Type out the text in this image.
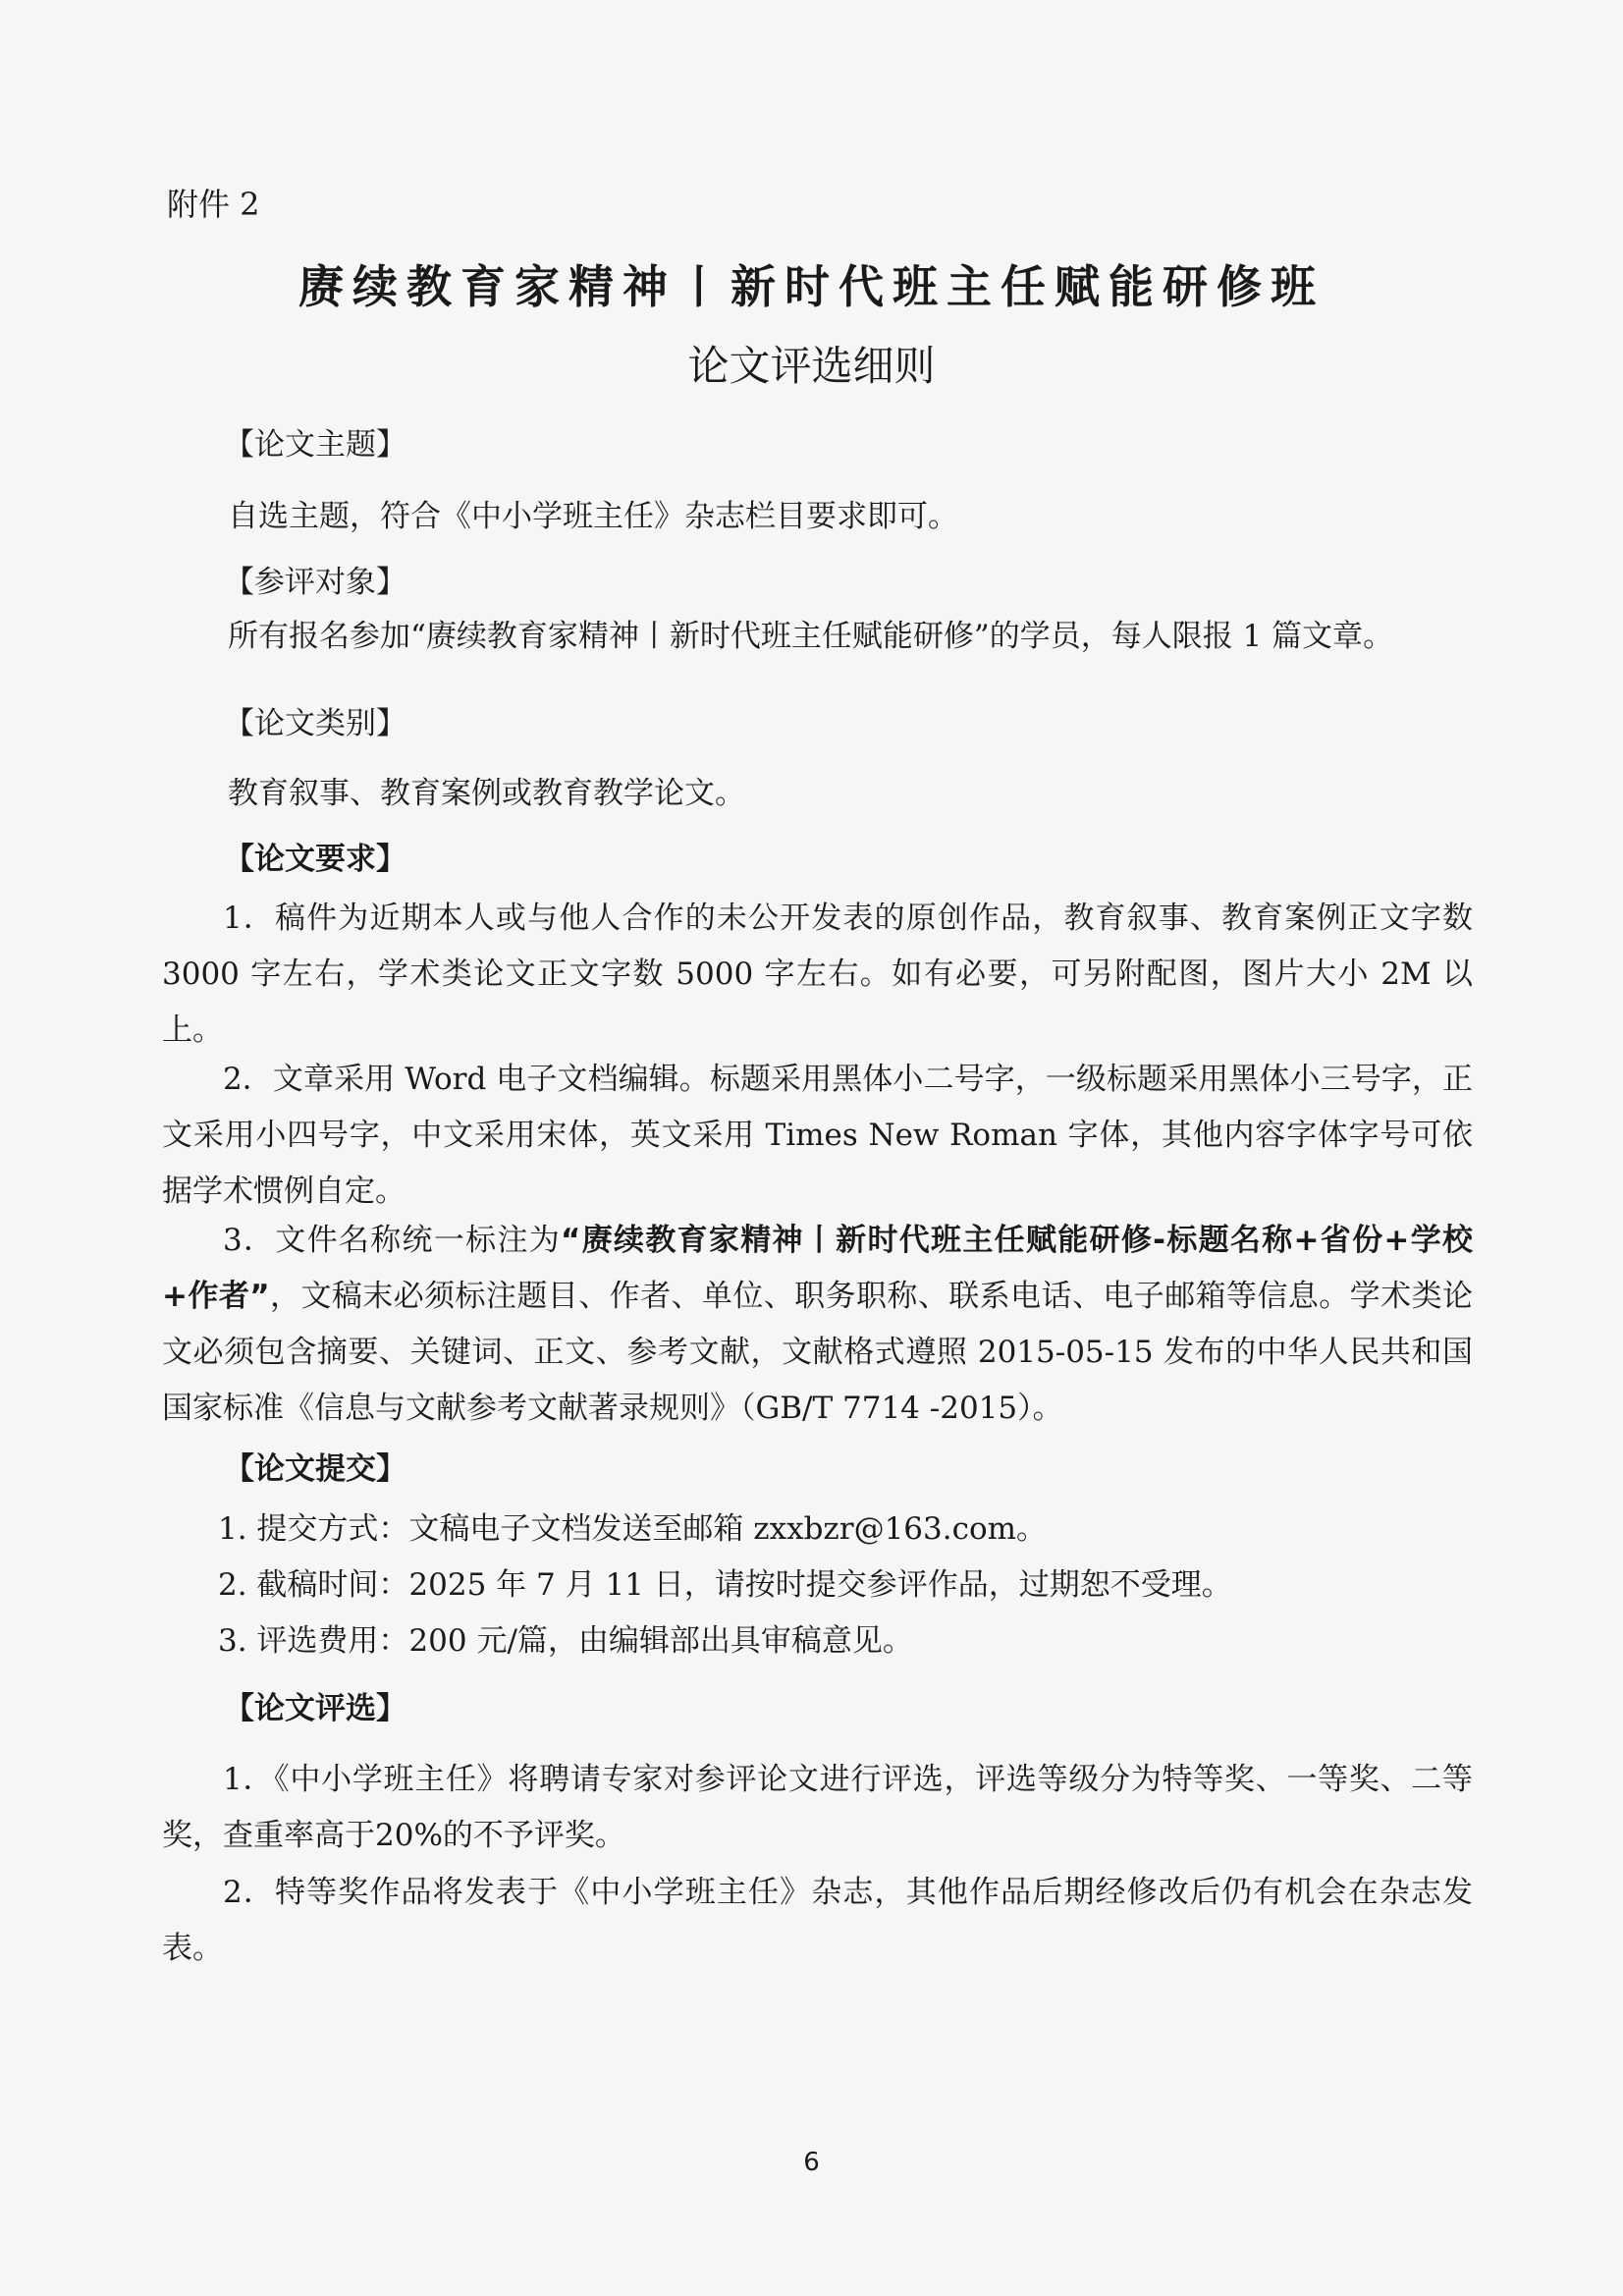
附件 2
赓续教育家精神丨新时代班主任赋能研修班
论文评选细则
【论文主题】
自选主题，符合《中小学班主任》杂志栏目要求即可。
【参评对象】
所有报名参加“赓续教育家精神丨新时代班主任赋能研修”的学员，每人限报 1 篇文章。
【论文类别】
教育叙事、教育案例或教育教学论文。
【论文要求】
1．稿件为近期本人或与他人合作的未公开发表的原创作品，教育叙事、教育案例正文字数 3000 字左右，学术类论文正文字数 5000 字左右。如有必要，可另附配图，图片大小 2M 以上。
2．文章采用 Word 电子文档编辑。标题采用黑体小二号字，一级标题采用黑体小三号字，正文采用小四号字，中文采用宋体，英文采用 Times New Roman 字体，其他内容字体字号可依据学术惯例自定。
3．文件名称统一标注为“赓续教育家精神丨新时代班主任赋能研修-标题名称+省份+学校+作者”，文稿末必须标注题目、作者、单位、职务职称、联系电话、电子邮箱等信息。学术类论文必须包含摘要、关键词、正文、参考文献，文献格式遵照 2015-05-15 发布的中华人民共和国国家标准《信息与文献参考文献著录规则》（GB/T 7714 -2015）。
【论文提交】
1. 提交方式：文稿电子文档发送至邮箱 zxxbzr@163.com。
2. 截稿时间：2025 年 7 月 11 日，请按时提交参评作品，过期恕不受理。
3. 评选费用：200 元/篇，由编辑部出具审稿意见。
【论文评选】
1．《中小学班主任》将聘请专家对参评论文进行评选，评选等级分为特等奖、一等奖、二等奖，查重率高于20%的不予评奖。
2．特等奖作品将发表于《中小学班主任》杂志，其他作品后期经修改后仍有机会在杂志发表。
6
